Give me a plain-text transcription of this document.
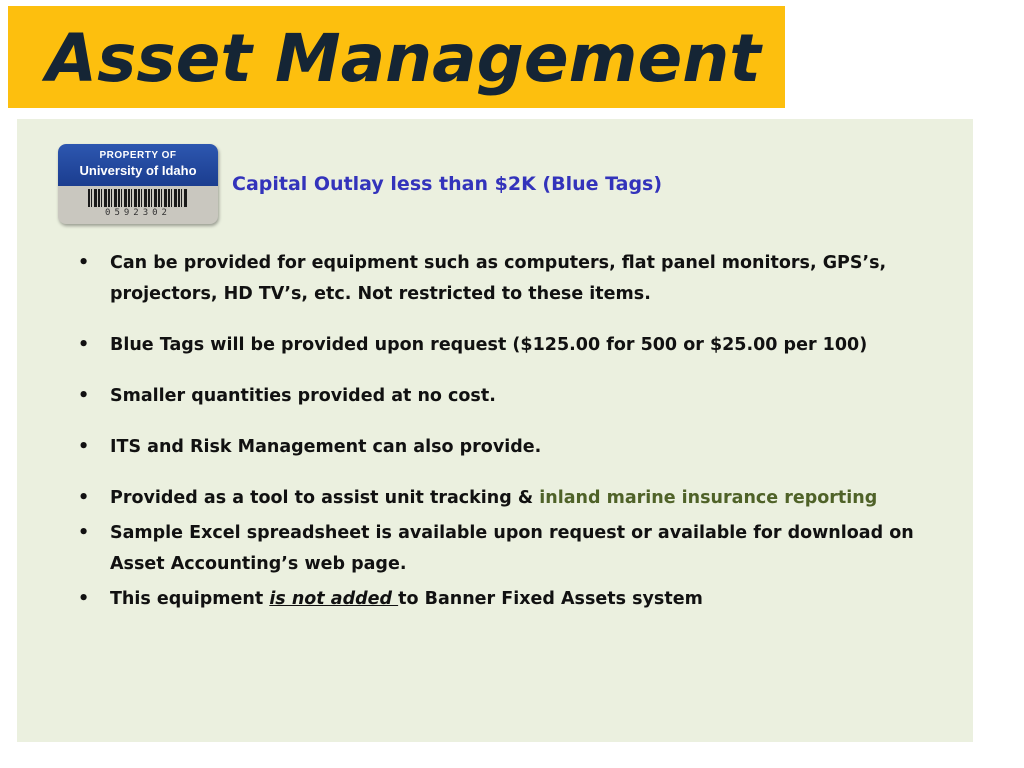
Asset Management
PROPERTY OF
University of Idaho
0592302
Capital Outlay less than $2K (Blue Tags)
• Can be provided for equipment such as computers, flat panel monitors, GPS’s, projectors, HD TV’s, etc. Not restricted to these items.
• Blue Tags will be provided upon request ($125.00 for 500 or $25.00 per 100)
• Smaller quantities provided at no cost.
• ITS and Risk Management can also provide.
• Provided as a tool to assist unit tracking & inland marine insurance reporting
• Sample Excel spreadsheet is available upon request or available for download on Asset Accounting’s web page.
• This equipment is not added to Banner Fixed Assets system
